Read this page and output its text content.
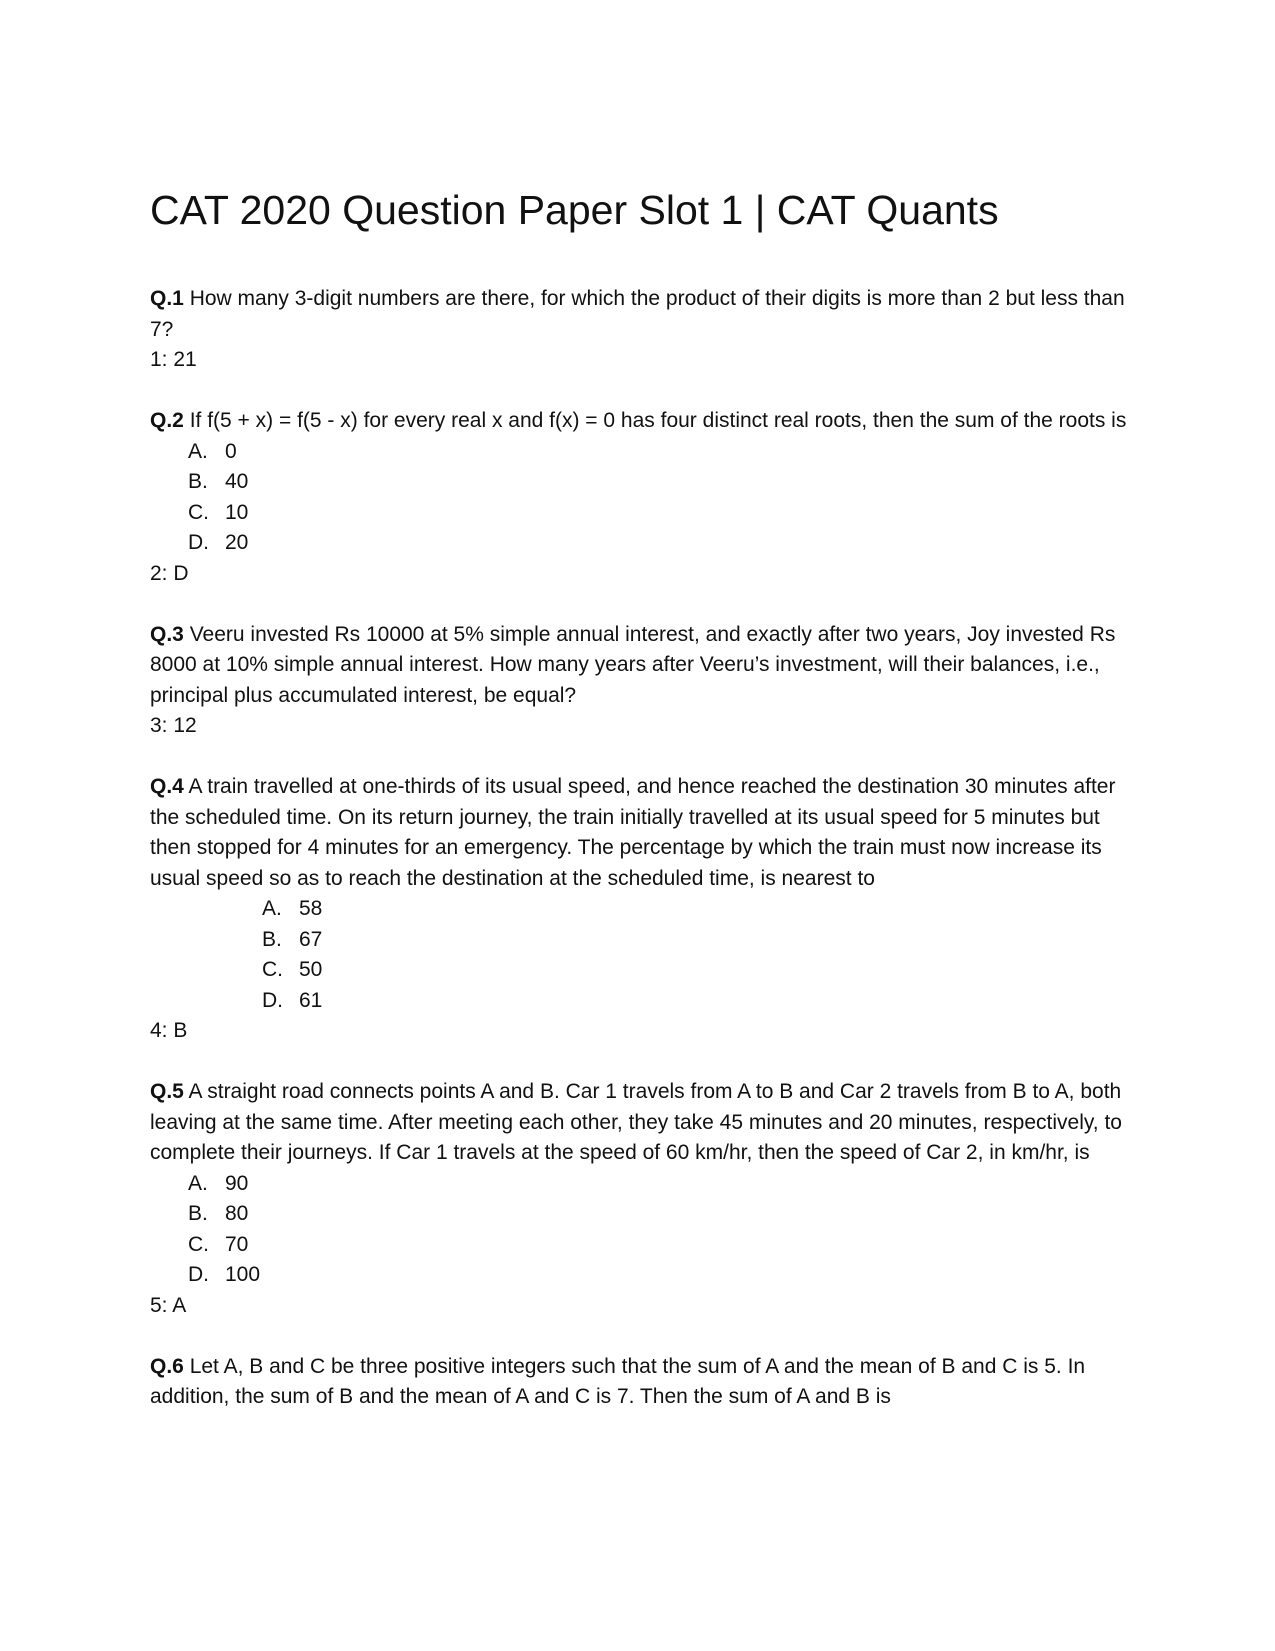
CAT 2020 Question Paper Slot 1 | CAT Quants
Q.1 How many 3-digit numbers are there, for which the product of their digits is more than 2 but less than 7?
1: 21
Q.2 If f(5 + x) = f(5 - x) for every real x and f(x) = 0 has four distinct real roots, then the sum of the roots is
A. 0
B. 40
C. 10
D. 20
2: D
Q.3 Veeru invested Rs 10000 at 5% simple annual interest, and exactly after two years, Joy invested Rs 8000 at 10% simple annual interest. How many years after Veeru’s investment, will their balances, i.e., principal plus accumulated interest, be equal?
3: 12
Q.4 A train travelled at one-thirds of its usual speed, and hence reached the destination 30 minutes after the scheduled time. On its return journey, the train initially travelled at its usual speed for 5 minutes but then stopped for 4 minutes for an emergency. The percentage by which the train must now increase its usual speed so as to reach the destination at the scheduled time, is nearest to
A. 58
B. 67
C. 50
D. 61
4: B
Q.5 A straight road connects points A and B. Car 1 travels from A to B and Car 2 travels from B to A, both leaving at the same time. After meeting each other, they take 45 minutes and 20 minutes, respectively, to complete their journeys. If Car 1 travels at the speed of 60 km/hr, then the speed of Car 2, in km/hr, is
A. 90
B. 80
C. 70
D. 100
5: A
Q.6 Let A, B and C be three positive integers such that the sum of A and the mean of B and C is 5. In addition, the sum of B and the mean of A and C is 7. Then the sum of A and B is
